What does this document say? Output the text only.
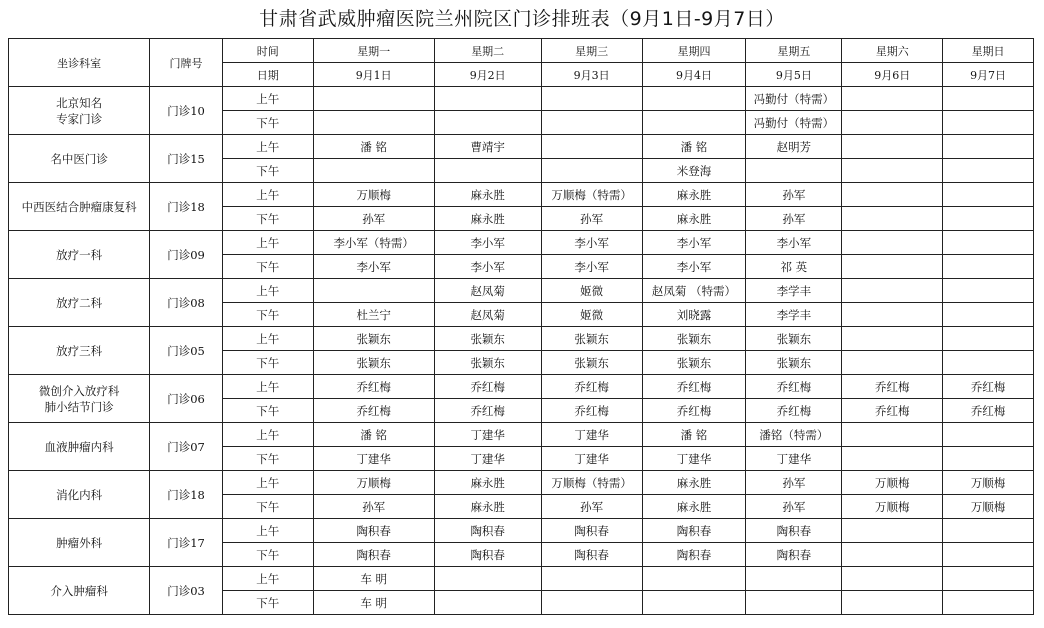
甘肃省武威肿瘤医院兰州院区门诊排班表（9月1日-9月7日）
坐诊科室	门牌号	时间	星期一	星期二	星期三	星期四	星期五	星期六	星期日
		日期	9月1日	9月2日	9月3日	9月4日	9月5日	9月6日	9月7日
北京知名
专家门诊	门诊10	上午					冯勤付（特需）		
		下午					冯勤付（特需）		
名中医门诊	门诊15	上午	潘 铭	曹靖宇		潘 铭	赵明芳		
		下午				米登海			
中西医结合肿瘤康复科	门诊18	上午	万顺梅	麻永胜	万顺梅（特需）	麻永胜	孙军		
		下午	孙军	麻永胜	孙军	麻永胜	孙军		
放疗一科	门诊09	上午	李小军（特需）	李小军	李小军	李小军	李小军		
		下午	李小军	李小军	李小军	李小军	祁 英		
放疗二科	门诊08	上午		赵凤菊	姬微	赵凤菊 （特需）	李学丰		
		下午	杜兰宁	赵凤菊	姬微	刘晓露	李学丰		
放疗三科	门诊05	上午	张颖东	张颖东	张颖东	张颖东	张颖东		
		下午	张颖东	张颖东	张颖东	张颖东	张颖东		
微创介入放疗科
肺小结节门诊	门诊06	上午	乔红梅	乔红梅	乔红梅	乔红梅	乔红梅	乔红梅	乔红梅
		下午	乔红梅	乔红梅	乔红梅	乔红梅	乔红梅	乔红梅	乔红梅
血液肿瘤内科	门诊07	上午	潘 铭	丁建华	丁建华	潘 铭	潘铭（特需）		
		下午	丁建华	丁建华	丁建华	丁建华	丁建华		
消化内科	门诊18	上午	万顺梅	麻永胜	万顺梅（特需）	麻永胜	孙军	万顺梅	万顺梅
		下午	孙军	麻永胜	孙军	麻永胜	孙军	万顺梅	万顺梅
肿瘤外科	门诊17	上午	陶积春	陶积春	陶积春	陶积春	陶积春		
		下午	陶积春	陶积春	陶积春	陶积春	陶积春		
介入肿瘤科	门诊03	上午	车 明						
		下午	车 明						
